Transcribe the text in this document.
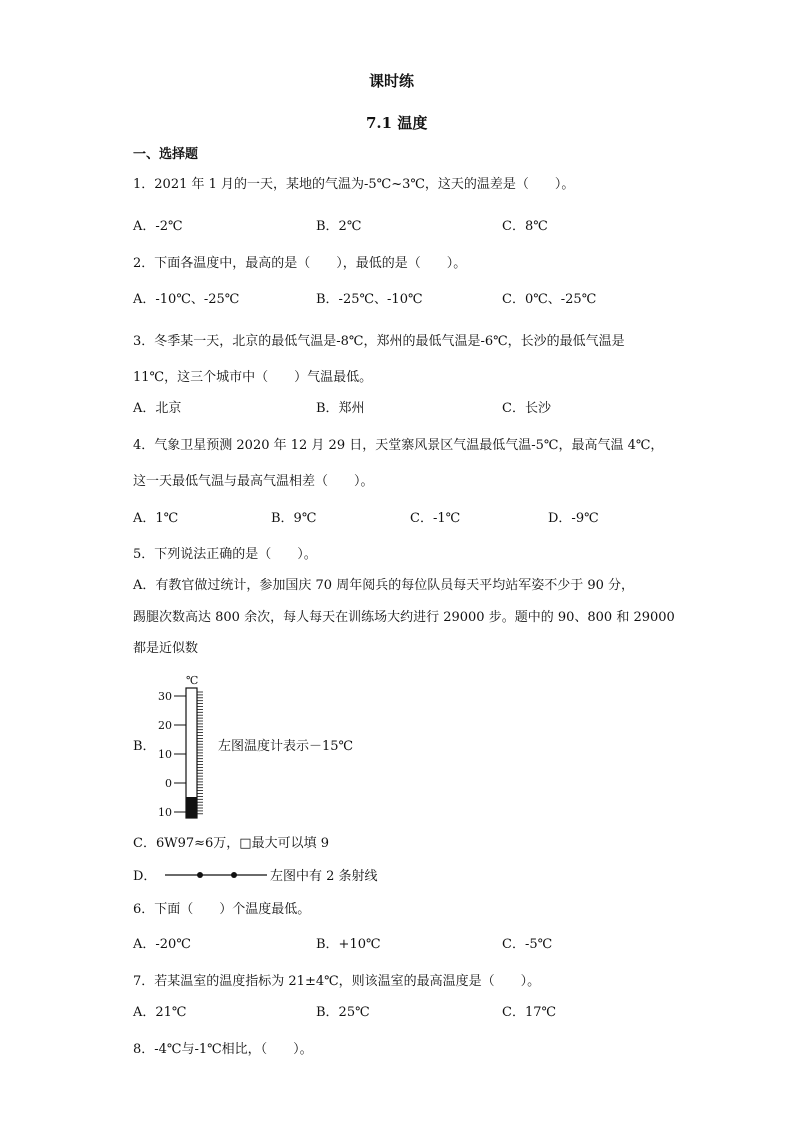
课时练
7.1 温度
一、选择题
1．2021 年 1 月的一天，某地的气温为-5℃~3℃，这天的温差是（　　）。
A．-2℃	B．2℃	C．8℃
2．下面各温度中，最高的是（　　），最低的是（　　）。
A．-10℃、-25℃	B．-25℃、-10℃	C．0℃、-25℃
3．冬季某一天，北京的最低气温是-8℃，郑州的最低气温是-6℃，长沙的最低气温是
11℃，这三个城市中（　　）气温最低。
A．北京	B．郑州	C．长沙
4．气象卫星预测 2020 年 12 月 29 日，天堂寨风景区气温最低气温-5℃，最高气温 4℃，
这一天最低气温与最高气温相差（　　）。
A．1℃	B．9℃	C．-1℃	D．-9℃
5．下列说法正确的是（　　）。
A．有教官做过统计，参加国庆 70 周年阅兵的每位队员每天平均站军姿不少于 90 分，
踢腿次数高达 800 余次，每人每天在训练场大约进行 29000 步。题中的 90、800 和 29000
都是近似数
B．
℃
30
20
10
0
10
左图温度计表示－15℃
C．6W97≈6万，□最大可以填 9
D．	左图中有 2 条射线
6．下面（　　）个温度最低。
A．-20℃	B．+10℃	C．-5℃
7．若某温室的温度指标为 21±4℃，则该温室的最高温度是（　　）。
A．21℃	B．25℃	C．17℃
8．-4℃与-1℃相比，（　　）。
